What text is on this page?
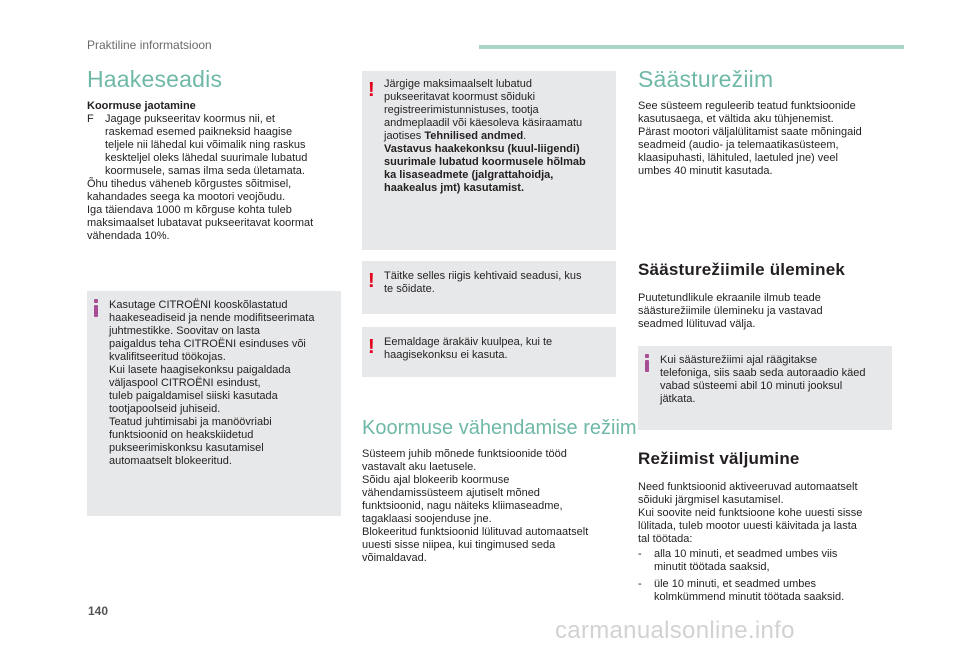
Praktiline informatsioon
Haakeseadis
Koormuse jaotamine
F Jagage pukseeritav koormus nii, et
raskemad esemed paikneksid haagise
teljele nii lähedal kui võimalik ning raskus
keskteljel oleks lähedal suurimale lubatud
koormusele, samas ilma seda ületamata.
Õhu tihedus väheneb kõrgustes sõitmisel,
kahandades seega ka mootori veojõudu.
Iga täiendava 1000 m kõrguse kohta tuleb
maksimaalset lubatavat pukseeritavat koormat
vähendada 10%.
Kasutage CITROËNI kooskõlastatud
haakeseadiseid ja nende modifitseerimata
juhtmestikke. Soovitav on lasta
paigaldus teha CITROËNI esinduses või
kvalifitseeritud töökojas.
Kui lasete haagisekonksu paigaldada
väljaspool CITROËNI esindust,
tuleb paigaldamisel siiski kasutada
tootjapoolseid juhiseid.
Teatud juhtimisabi ja manöövriabi
funktsioonid on heakskiidetud
pukseerimiskonksu kasutamisel
automaatselt blokeeritud.
! Järgige maksimaalselt lubatud
pukseeritavat koormust sõiduki
registreerimistunnistuses, tootja
andmeplaadil või käesoleva käsiraamatu
jaotises Tehnilised andmed.
Vastavus haakekonksu (kuul-liigendi)
suurimale lubatud koormusele hõlmab
ka lisaseadmete (jalgrattahoidja,
haakealus jmt) kasutamist.
! Täitke selles riigis kehtivaid seadusi, kus
te sõidate.
! Eemaldage ärakäiv kuulpea, kui te
haagisekonksu ei kasuta.
Koormuse vähendamise režiim
Süsteem juhib mõnede funktsioonide tööd
vastavalt aku laetusele.
Sõidu ajal blokeerib koormuse
vähendamissüsteem ajutiselt mõned
funktsioonid, nagu näiteks kliimaseadme,
tagaklaasi soojenduse jne.
Blokeeritud funktsioonid lülituvad automaatselt
uuesti sisse niipea, kui tingimused seda
võimaldavad.
Säästurežiim
See süsteem reguleerib teatud funktsioonide
kasutusaega, et vältida aku tühjenemist.
Pärast mootori väljalülitamist saate mõningaid
seadmeid (audio- ja telemaatikasüsteem,
klaasipuhasti, lähituled, laetuled jne) veel
umbes 40 minutit kasutada.
Säästurežiimile üleminek
Puutetundlikule ekraanile ilmub teade
säästurežiimile ülemineku ja vastavad
seadmed lülituvad välja.
Kui säästurežiimi ajal räägitakse
telefoniga, siis saab seda autoraadio käed
vabad süsteemi abil 10 minuti jooksul
jätkata.
Režiimist väljumine
Need funktsioonid aktiveeruvad automaatselt
sõiduki järgmisel kasutamisel.
Kui soovite neid funktsioone kohe uuesti sisse
lülitada, tuleb mootor uuesti käivitada ja lasta
tal töötada:
- alla 10 minuti, et seadmed umbes viis
minutit töötada saaksid,
- üle 10 minuti, et seadmed umbes
kolmkümmend minutit töötada saaksid.
140
carmanualsonline.info
